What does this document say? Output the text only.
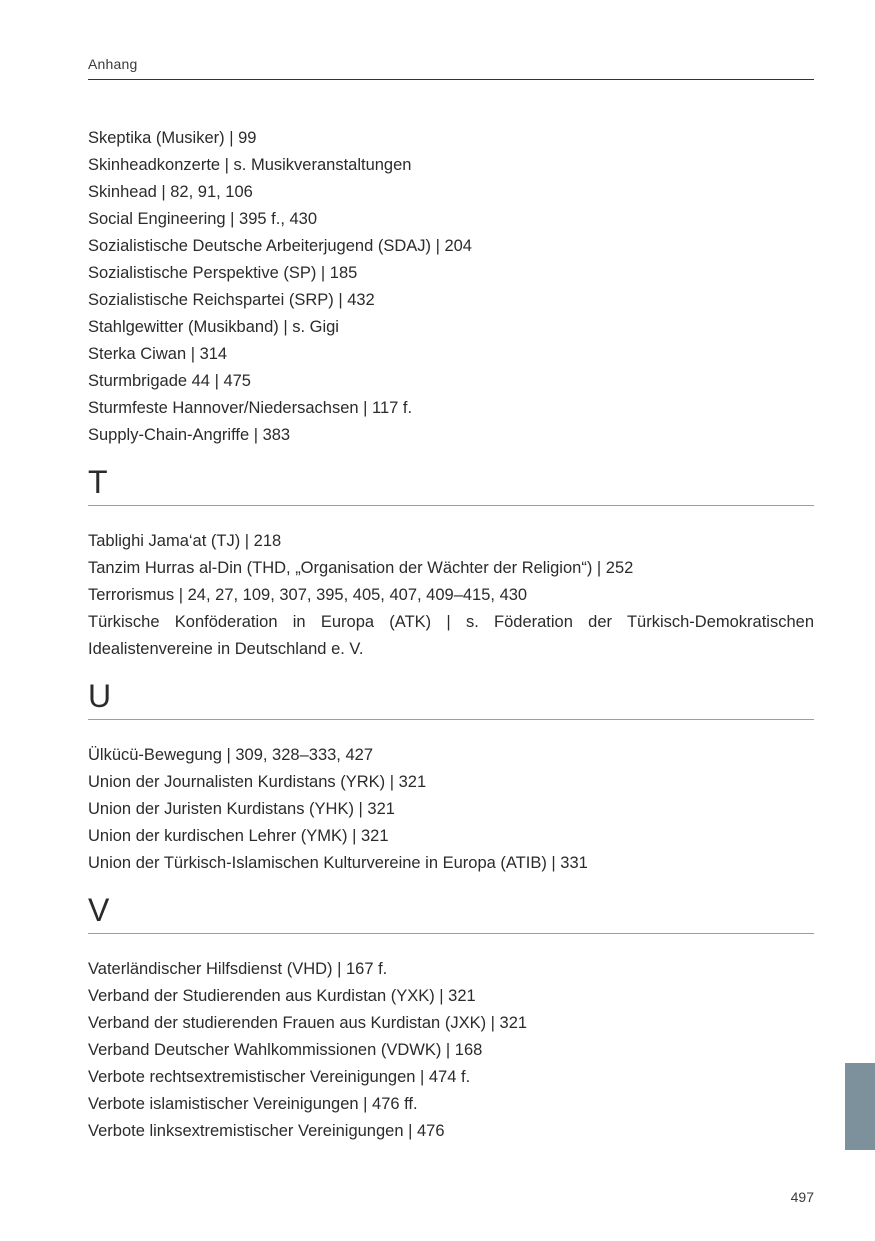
Anhang

Skeptika (Musiker) | 99

Skinheadkonzerte | s. Musikveranstaltungen

Skinhead | 82, 91, 106

Social Engineering | 395 f., 430

Sozialistische Deutsche Arbeiterjugend (SDAJ) | 204

Sozialistische Perspektive (SP) | 185

Sozialistische Reichspartei (SRP) | 432

Stahlgewitter (Musikband) | s. Gigi

Sterka Ciwan | 314

Sturmbrigade 44 | 475

Sturmfeste Hannover/Niedersachsen | 117 f.

Supply-Chain-Angriffe | 383

T

Tablighi Jama‘at (TJ) | 218

Tanzim Hurras al-Din (THD, „Organisation der Wächter der Religion“) | 252

Terrorismus | 24, 27, 109, 307, 395, 405, 407, 409–415, 430

Türkische Konföderation in Europa (ATK) | s. Föderation der Türkisch-Demokratischen Idealistenvereine in Deutschland e. V.

U

Ülkücü-Bewegung | 309, 328–333, 427

Union der Journalisten Kurdistans (YRK) | 321

Union der Juristen Kurdistans (YHK) | 321

Union der kurdischen Lehrer (YMK) | 321

Union der Türkisch-Islamischen Kulturvereine in Europa (ATIB) | 331

V

Vaterländischer Hilfsdienst (VHD) | 167 f.

Verband der Studierenden aus Kurdistan (YXK) | 321

Verband der studierenden Frauen aus Kurdistan (JXK) | 321

Verband Deutscher Wahlkommissionen (VDWK) | 168

Verbote rechtsextremistischer Vereinigungen | 474 f.

Verbote islamistischer Vereinigungen | 476 ff.

Verbote linksextremistischer Vereinigungen | 476

497
